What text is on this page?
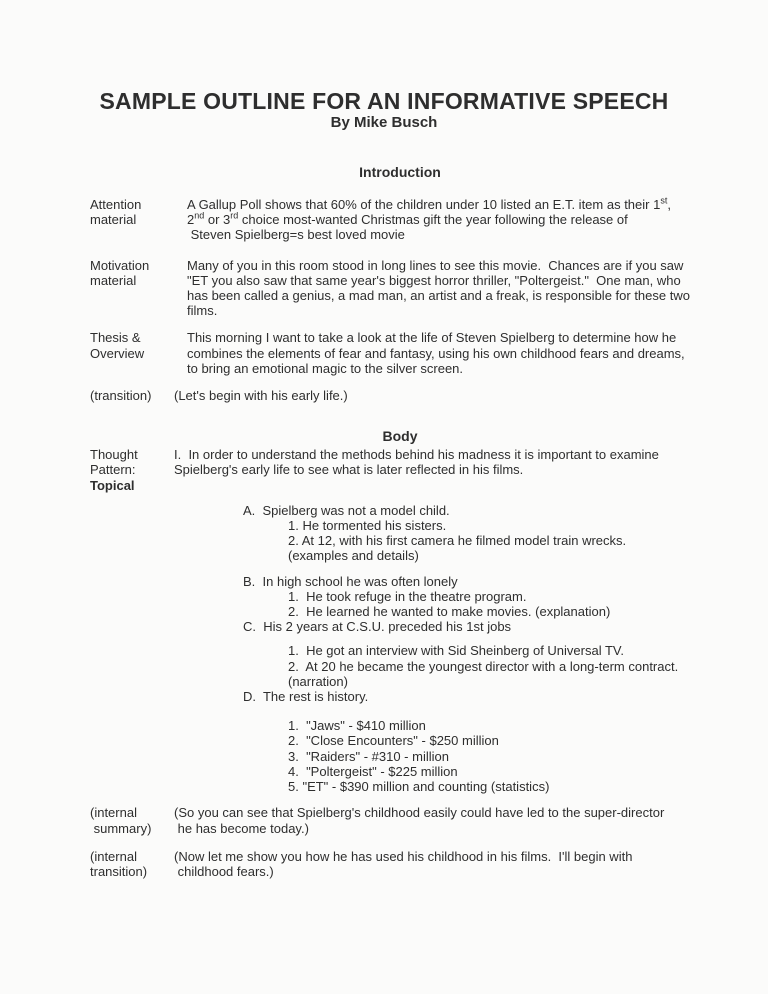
SAMPLE OUTLINE FOR AN INFORMATIVE SPEECH
By Mike Busch
Introduction
Attention
material
A Gallup Poll shows that 60% of the children under 10 listed an E.T. item as their 1st,
2nd or 3rd choice most-wanted Christmas gift the year following the release of
Steven Spielberg=s best loved movie
Motivation
material
Many of you in this room stood in long lines to see this movie.  Chances are if you saw
"ET you also saw that same year's biggest horror thriller, "Poltergeist."  One man, who
has been called a genius, a mad man, an artist and a freak, is responsible for these two
films.
Thesis &
Overview
This morning I want to take a look at the life of Steven Spielberg to determine how he
combines the elements of fear and fantasy, using his own childhood fears and dreams,
to bring an emotional magic to the silver screen.
(transition)	(Let's begin with his early life.)
Body
Thought Pattern:
Topical
I.  In order to understand the methods behind his madness it is important to examine
Spielberg's early life to see what is later reflected in his films.
A.  Spielberg was not a model child.
1. He tormented his sisters.
2. At 12, with his first camera he filmed model train wrecks.
(examples and details)
B.  In high school he was often lonely
1.  He took refuge in the theatre program.
2.  He learned he wanted to make movies. (explanation)
C.  His 2 years at C.S.U. preceded his 1st jobs
1.  He got an interview with Sid Sheinberg of Universal TV.
2.  At 20 he became the youngest director with a long-term contract.
(narration)
D.  The rest is history.
1.  "Jaws" - $410 million
2.  "Close Encounters" - $250 million
3.  "Raiders" - #310 - million
4.  "Poltergeist" - $225 million
5. "ET" - $390 million and counting (statistics)
(internal
summary)
(So you can see that Spielberg's childhood easily could have led to the super-director
he has become today.)
(internal
transition)
(Now let me show you how he has used his childhood in his films.  I'll begin with
childhood fears.)
